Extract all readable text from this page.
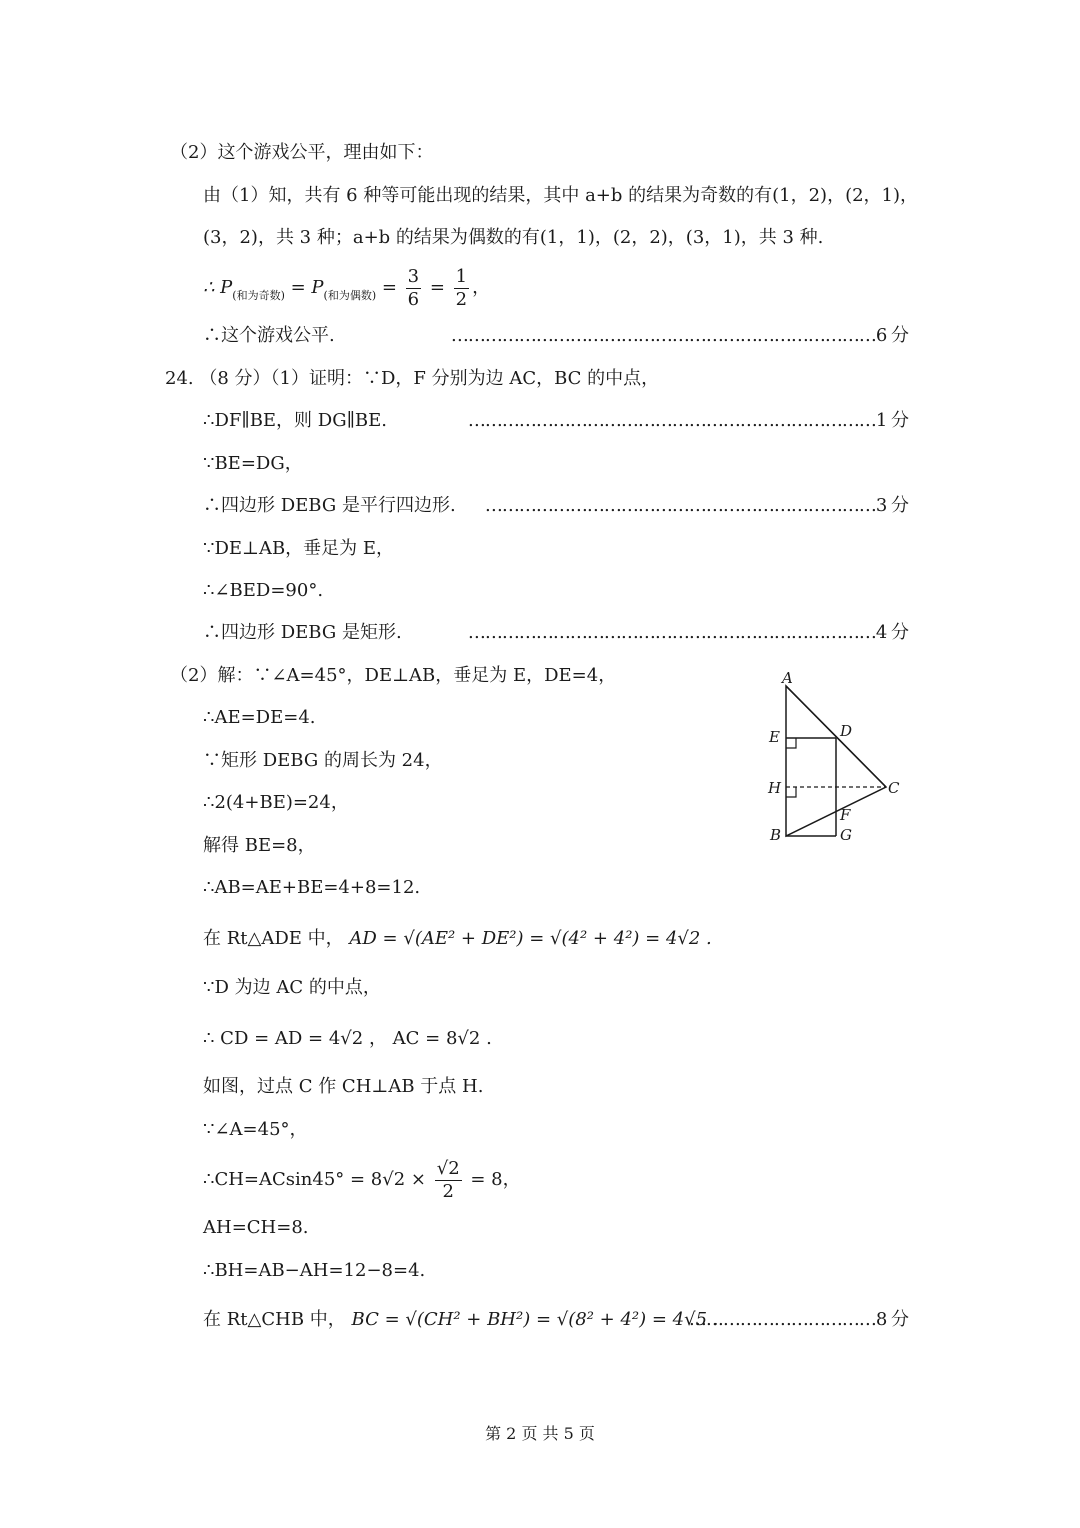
（2）这个游戏公平，理由如下：
由（1）知，共有 6 种等可能出现的结果，其中 a+b 的结果为奇数的有(1，2)，(2，1)，
(3，2)，共 3 种；a+b 的结果为偶数的有(1，1)，(2，2)，(3，1)，共 3 种.
∴ $P_{(和为奇数)} = P_{(和为偶数)} = \frac{3}{6} = \frac{1}{2}$ ，
∴这个游戏公平.	…………………………………………………………………6 分
24. （8 分）（1）证明：∵D，F 分别为边 AC，BC 的中点，
∴DF∥BE，则 DG∥BE.	………………………………………………………………1 分
∵BE=DG，
∴四边形 DEBG 是平行四边形. ……………………………………………………………3 分
∵DE⊥AB，垂足为 E，
∴∠BED=90°.
∴四边形 DEBG 是矩形.	………………………………………………………………4 分
（2）解：∵∠A=45°，DE⊥AB，垂足为 E，DE=4，
∴AE=DE=4.
∵矩形 DEBG 的周长为 24，
∴2(4+BE)=24，
解得 BE=8，
∴AB=AE+BE=4+8=12.
在 Rt△ADE 中， AD = √(AE² + DE²) = √(4² + 4²) = 4√2 .
∵D 为边 AC 的中点，
∴ CD = AD = 4√2 ， AC = 8√2 .
如图，过点 C 作 CH⊥AB 于点 H.
∵∠A=45°，
∴CH=ACsin45° = $8√2 \times \frac{√2}{2} = 8$，
AH=CH=8.
∴BH=AB−AH=12−8=4.
在 Rt△CHB 中， BC = √(CH² + BH²) = √(8² + 4²) = 4√5 .
……………………………8 分
A
E	D
H	C
F
B	G
第 2 页 共 5 页
